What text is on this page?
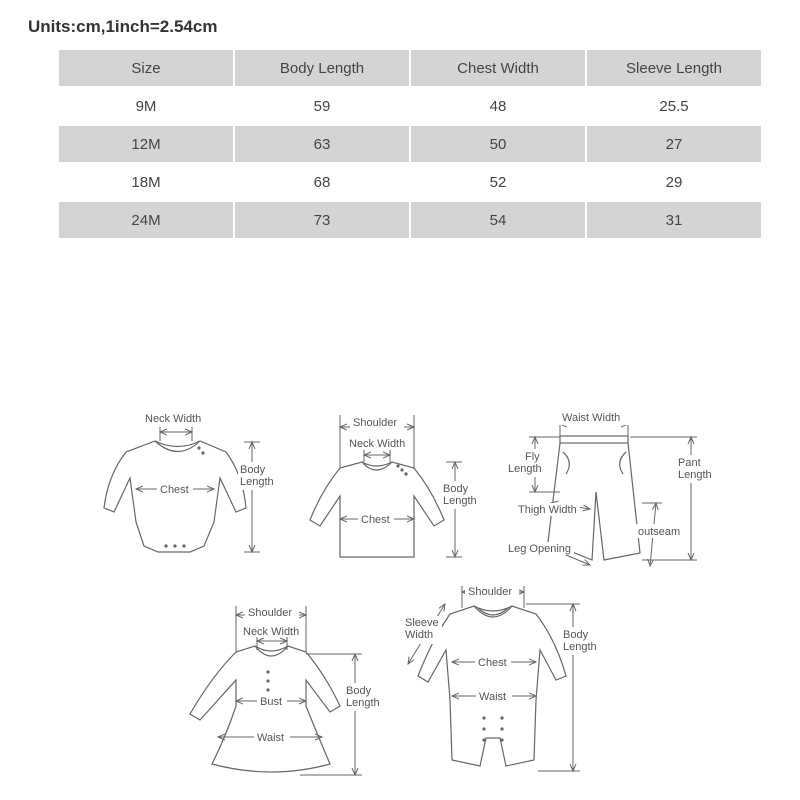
Units:cm,1inch=2.54cm
Size	Body Length	Chest Width	Sleeve Length
9M	59	48	25.5
12M	63	50	27
18M	68	52	29
24M	73	54	31
Neck Width
Chest
Body
Length
Shoulder
Neck Width
Chest
Body
Length
Waist Width
Fly
Length	Pant
Length
Thigh Width
outseam
Leg Opening
Shoulder
Neck Width
Bust
Waist
Body
Length
Shoulder
Sleeve
Width
Chest
Waist
Body
Length
